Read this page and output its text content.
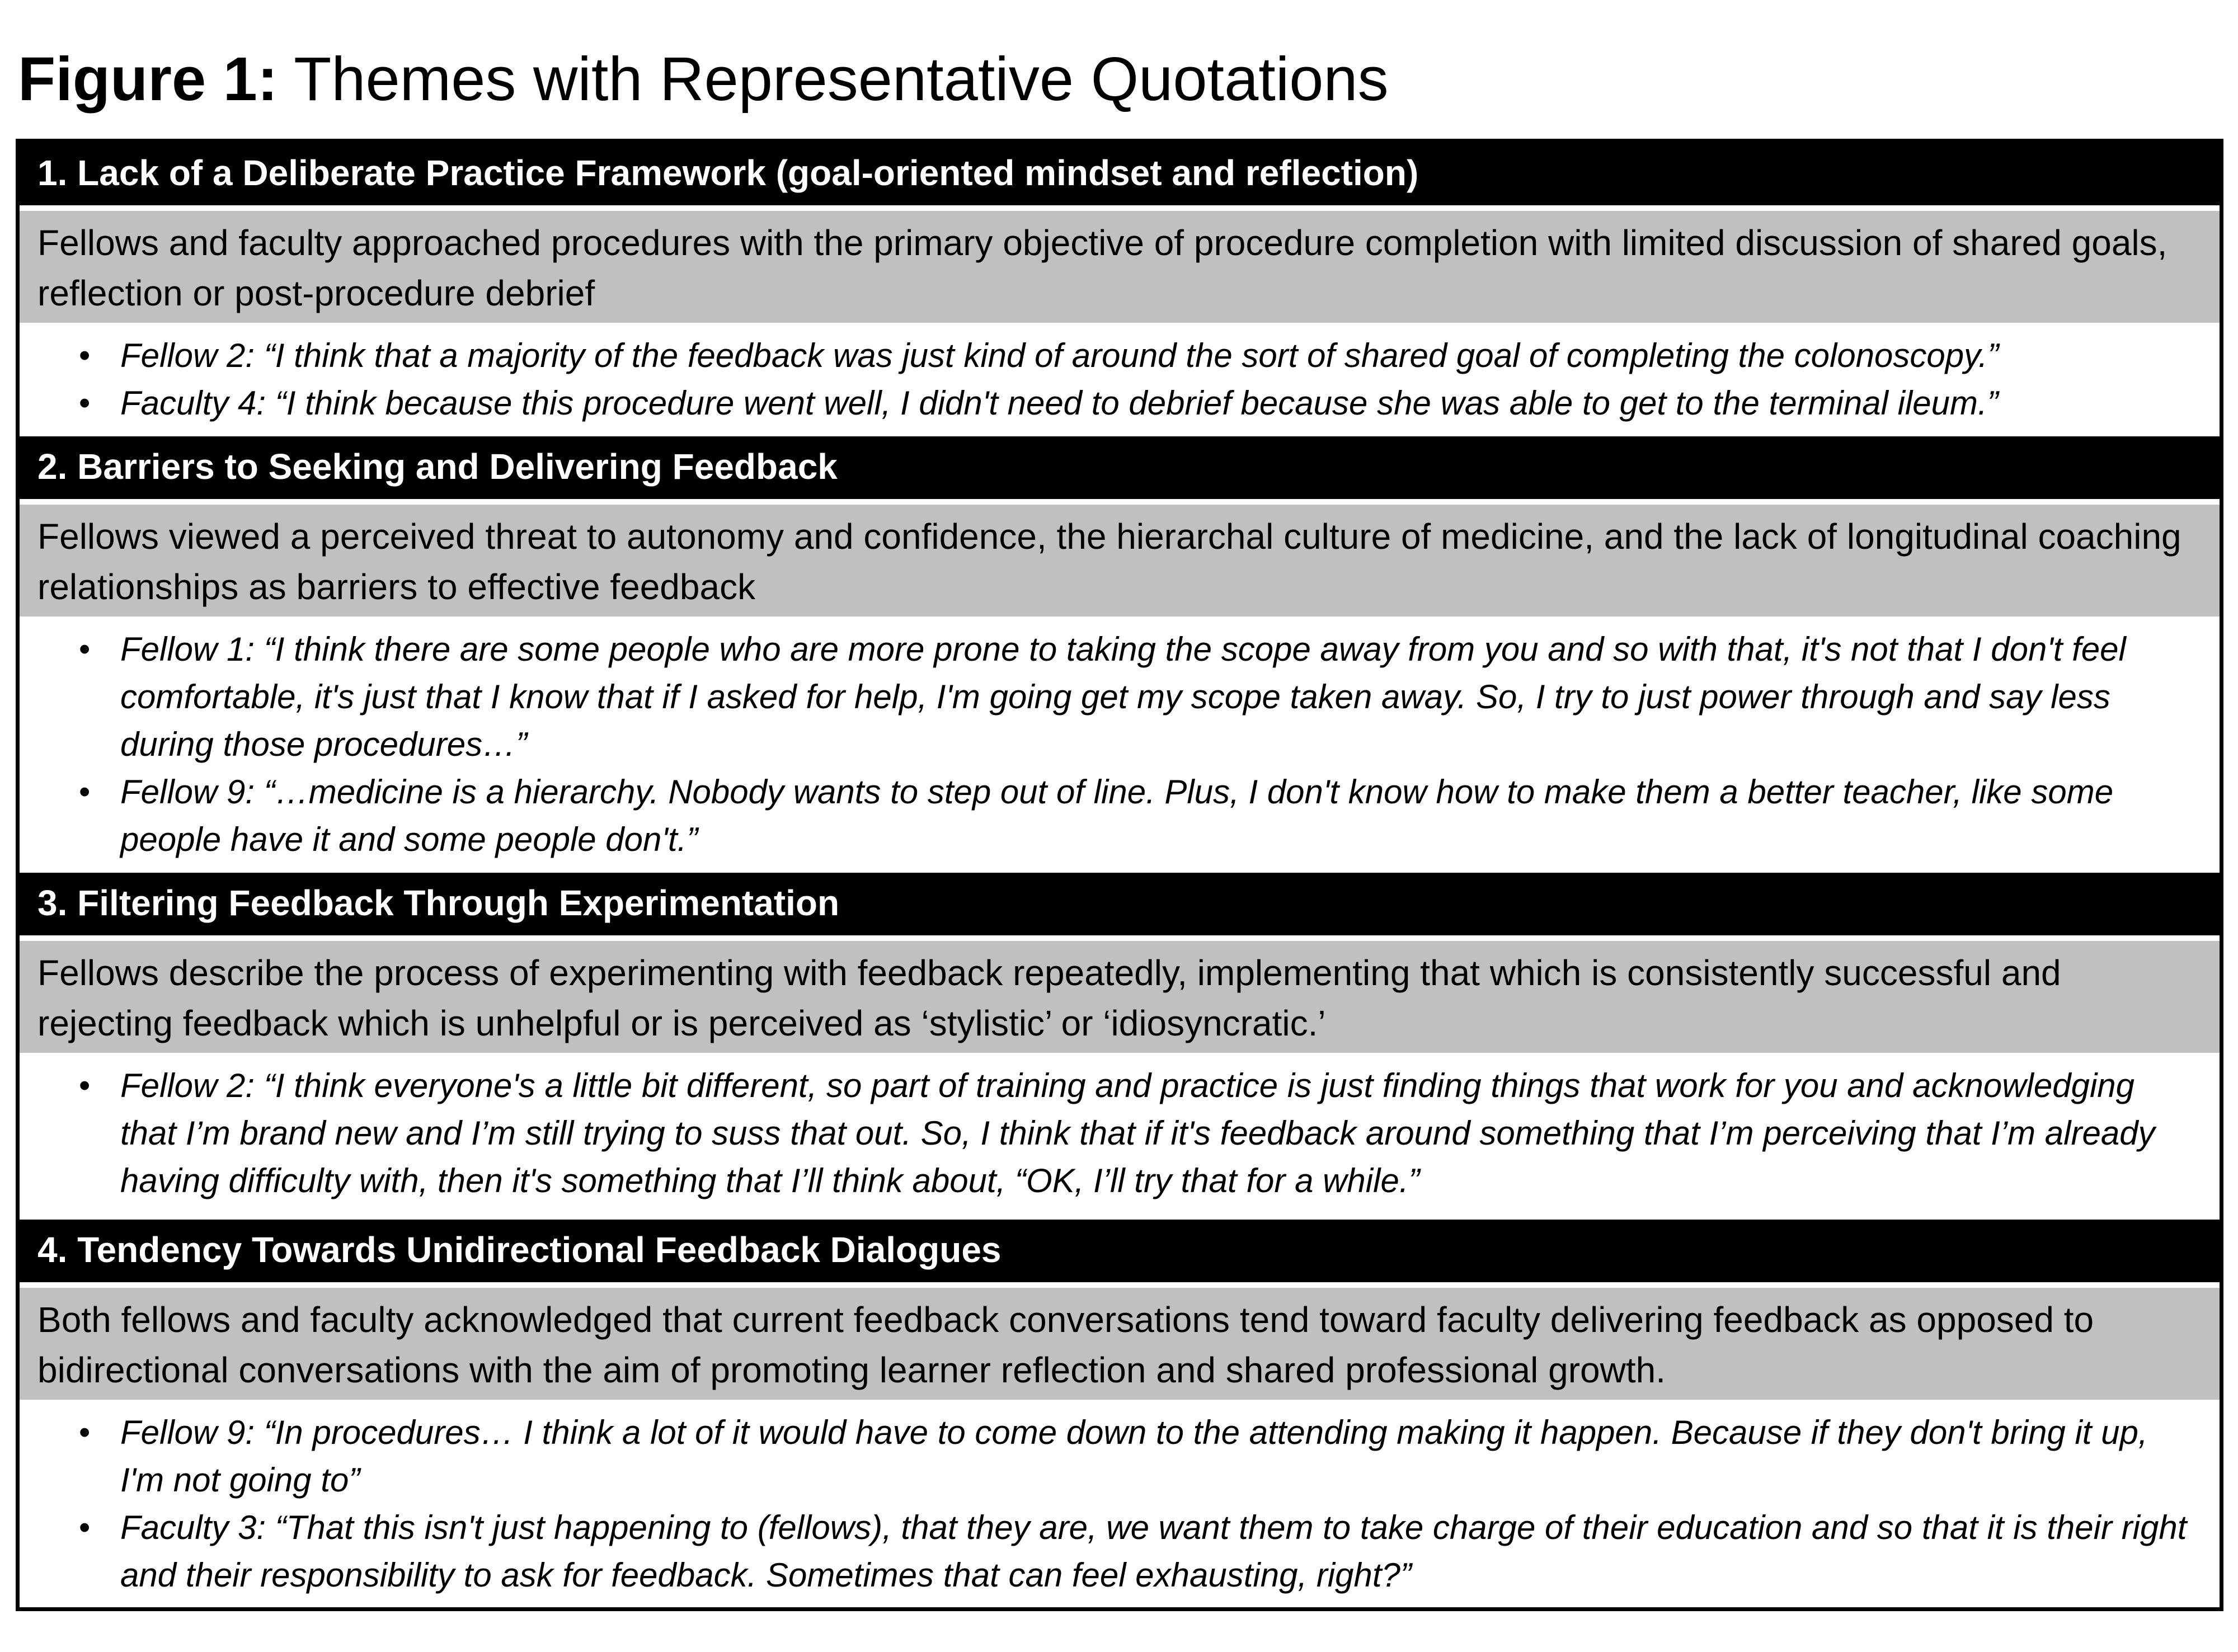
Figure 1: Themes with Representative Quotations
1. Lack of a Deliberate Practice Framework (goal-oriented mindset and reflection)
Fellows and faculty approached procedures with the primary objective of procedure completion with limited discussion of shared goals, reflection or post-procedure debrief
• Fellow 2: “I think that a majority of the feedback was just kind of around the sort of shared goal of completing the colonoscopy.”
• Faculty 4: “I think because this procedure went well, I didn't need to debrief because she was able to get to the terminal ileum.”
2. Barriers to Seeking and Delivering Feedback
Fellows viewed a perceived threat to autonomy and confidence, the hierarchal culture of medicine, and the lack of longitudinal coaching relationships as barriers to effective feedback
• Fellow 1: “I think there are some people who are more prone to taking the scope away from you and so with that, it's not that I don't feel comfortable, it's just that I know that if I asked for help, I'm going get my scope taken away. So, I try to just power through and say less during those procedures…”
• Fellow 9: “…medicine is a hierarchy. Nobody wants to step out of line. Plus, I don't know how to make them a better teacher, like some people have it and some people don't.”
3. Filtering Feedback Through Experimentation
Fellows describe the process of experimenting with feedback repeatedly, implementing that which is consistently successful and rejecting feedback which is unhelpful or is perceived as ‘stylistic’ or ‘idiosyncratic.’
• Fellow 2: “I think everyone's a little bit different, so part of training and practice is just finding things that work for you and acknowledging that I’m brand new and I’m still trying to suss that out. So, I think that if it's feedback around something that I’m perceiving that I’m already having difficulty with, then it's something that I’ll think about, “OK, I’ll try that for a while.”
4. Tendency Towards Unidirectional Feedback Dialogues
Both fellows and faculty acknowledged that current feedback conversations tend toward faculty delivering feedback as opposed to bidirectional conversations with the aim of promoting learner reflection and shared professional growth.
• Fellow 9: “In procedures… I think a lot of it would have to come down to the attending making it happen. Because if they don't bring it up, I'm not going to”
• Faculty 3: “That this isn't just happening to (fellows), that they are, we want them to take charge of their education and so that it is their right and their responsibility to ask for feedback. Sometimes that can feel exhausting, right?”
